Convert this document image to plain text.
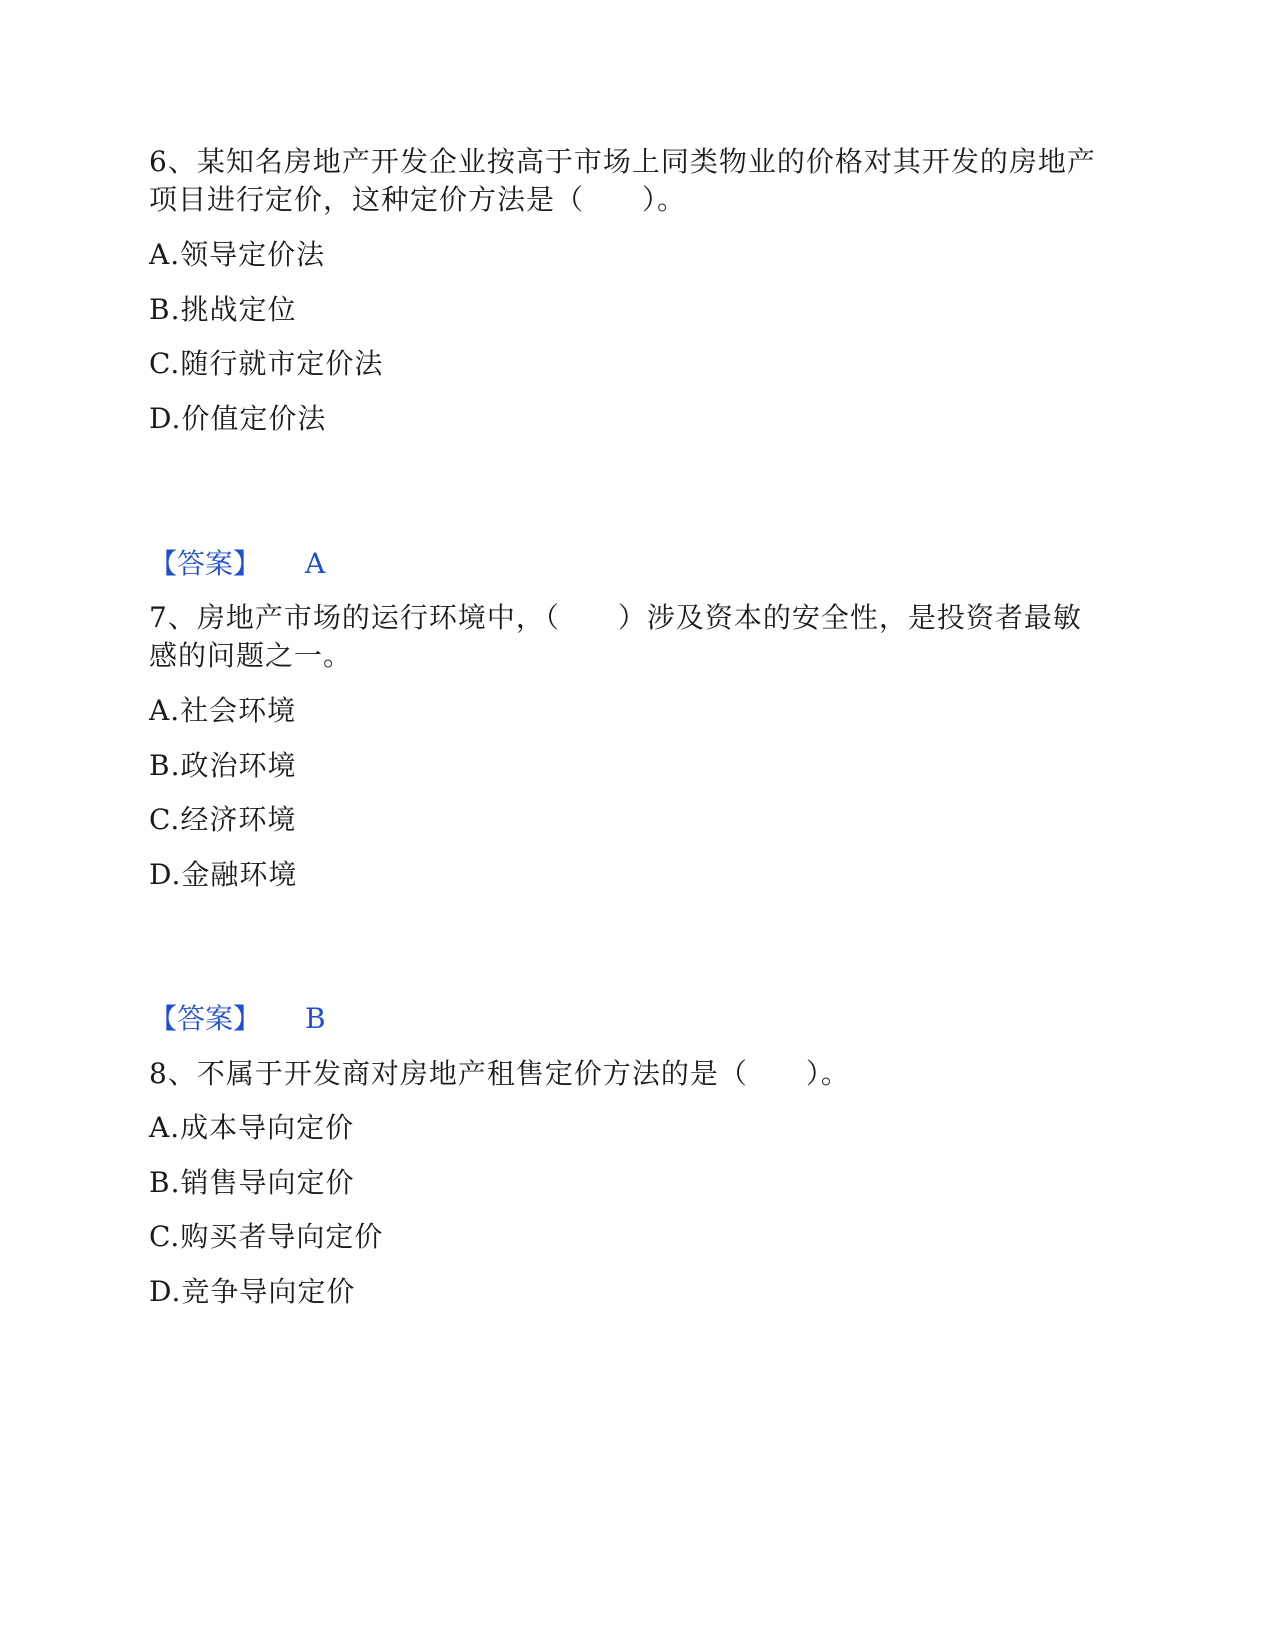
6、某知名房地产开发企业按高于市场上同类物业的价格对其开发的房地产
项目进行定价，这种定价方法是（　　）。
A.领导定价法
B.挑战定位
C.随行就市定价法
D.价值定价法
【答案】 A
7、房地产市场的运行环境中，（　　）涉及资本的安全性，是投资者最敏
感的问题之一。
A.社会环境
B.政治环境
C.经济环境
D.金融环境
【答案】 B
8、不属于开发商对房地产租售定价方法的是（　　）。
A.成本导向定价
B.销售导向定价
C.购买者导向定价
D.竞争导向定价
